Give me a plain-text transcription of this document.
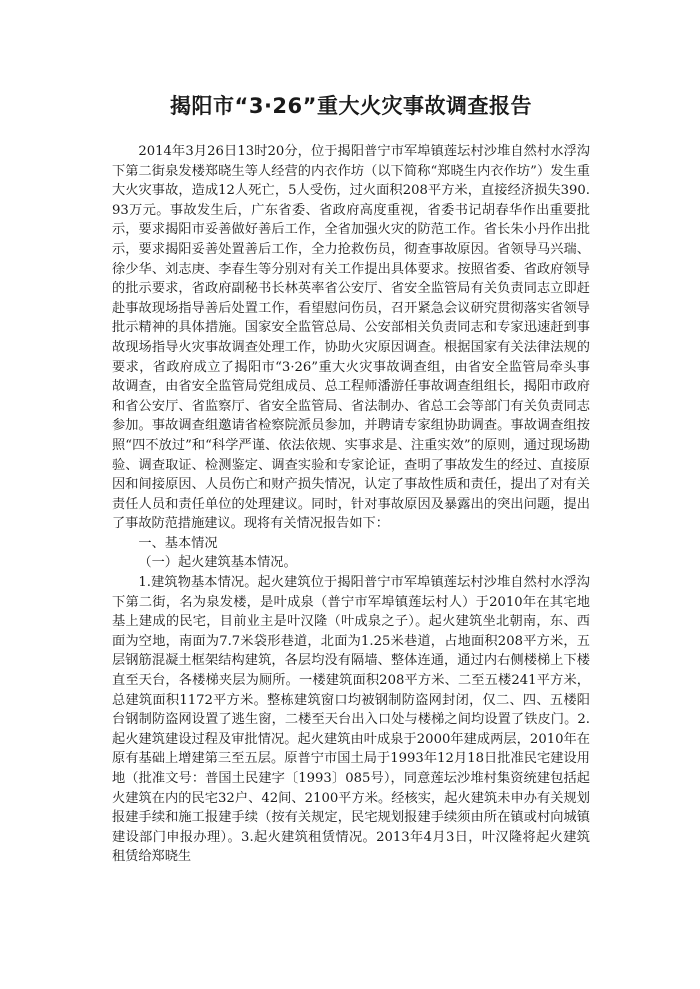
揭阳市“3·26”重大火灾事故调查报告

2014年3月26日13时20分，位于揭阳普宁市军埠镇莲坛村沙堆自然村水浮沟下第二街泉发楼郑晓生等人经营的内衣作坊（以下简称“郑晓生内衣作坊”）发生重大火灾事故，造成12人死亡，5人受伤，过火面积208平方米，直接经济损失390.93万元。事故发生后，广东省委、省政府高度重视，省委书记胡春华作出重要批示，要求揭阳市妥善做好善后工作，全省加强火灾的防范工作。省长朱小丹作出批示，要求揭阳妥善处置善后工作，全力抢救伤员，彻查事故原因。省领导马兴瑞、徐少华、刘志庚、李春生等分别对有关工作提出具体要求。按照省委、省政府领导的批示要求，省政府副秘书长林英率省公安厅、省安全监管局有关负责同志立即赶赴事故现场指导善后处置工作，看望慰问伤员，召开紧急会议研究贯彻落实省领导批示精神的具体措施。国家安全监管总局、公安部相关负责同志和专家迅速赶到事故现场指导火灾事故调查处理工作，协助火灾原因调查。根据国家有关法律法规的要求，省政府成立了揭阳市“3·26”重大火灾事故调查组，由省安全监管局牵头事故调查，由省安全监管局党组成员、总工程师潘游任事故调查组组长，揭阳市政府和省公安厅、省监察厅、省安全监管局、省法制办、省总工会等部门有关负责同志参加。事故调查组邀请省检察院派员参加，并聘请专家组协助调查。事故调查组按照“四不放过”和“科学严谨、依法依规、实事求是、注重实效”的原则，通过现场勘验、调查取证、检测鉴定、调查实验和专家论证，查明了事故发生的经过、直接原因和间接原因、人员伤亡和财产损失情况，认定了事故性质和责任，提出了对有关责任人员和责任单位的处理建议。同时，针对事故原因及暴露出的突出问题，提出了事故防范措施建议。现将有关情况报告如下：

一、基本情况

（一）起火建筑基本情况。

1.建筑物基本情况。起火建筑位于揭阳普宁市军埠镇莲坛村沙堆自然村水浮沟下第二街，名为泉发楼，是叶成泉（普宁市军埠镇莲坛村人）于2010年在其宅地基上建成的民宅，目前业主是叶汉隆（叶成泉之子）。起火建筑坐北朝南，东、西面为空地，南面为7.7米袋形巷道，北面为1.25米巷道，占地面积208平方米，五层钢筋混凝土框架结构建筑，各层均没有隔墙、整体连通，通过内右侧楼梯上下楼直至天台，各楼梯夹层为厕所。一楼建筑面积208平方米、二至五楼241平方米，总建筑面积1172平方米。整栋建筑窗口均被钢制防盗网封闭，仅二、四、五楼阳台钢制防盗网设置了逃生窗，二楼至天台出入口处与楼梯之间均设置了铁皮门。2.起火建筑建设过程及审批情况。起火建筑由叶成泉于2000年建成两层，2010年在原有基础上增建第三至五层。原普宁市国土局于1993年12月18日批准民宅建设用地（批准文号：普国土民建字〔1993〕085号），同意莲坛沙堆村集资统建包括起火建筑在内的民宅32户、42间、2100平方米。经核实，起火建筑未申办有关规划报建手续和施工报建手续（按有关规定，民宅规划报建手续须由所在镇或村向城镇建设部门申报办理）。3.起火建筑租赁情况。2013年4月3日，叶汉隆将起火建筑租赁给郑晓生
